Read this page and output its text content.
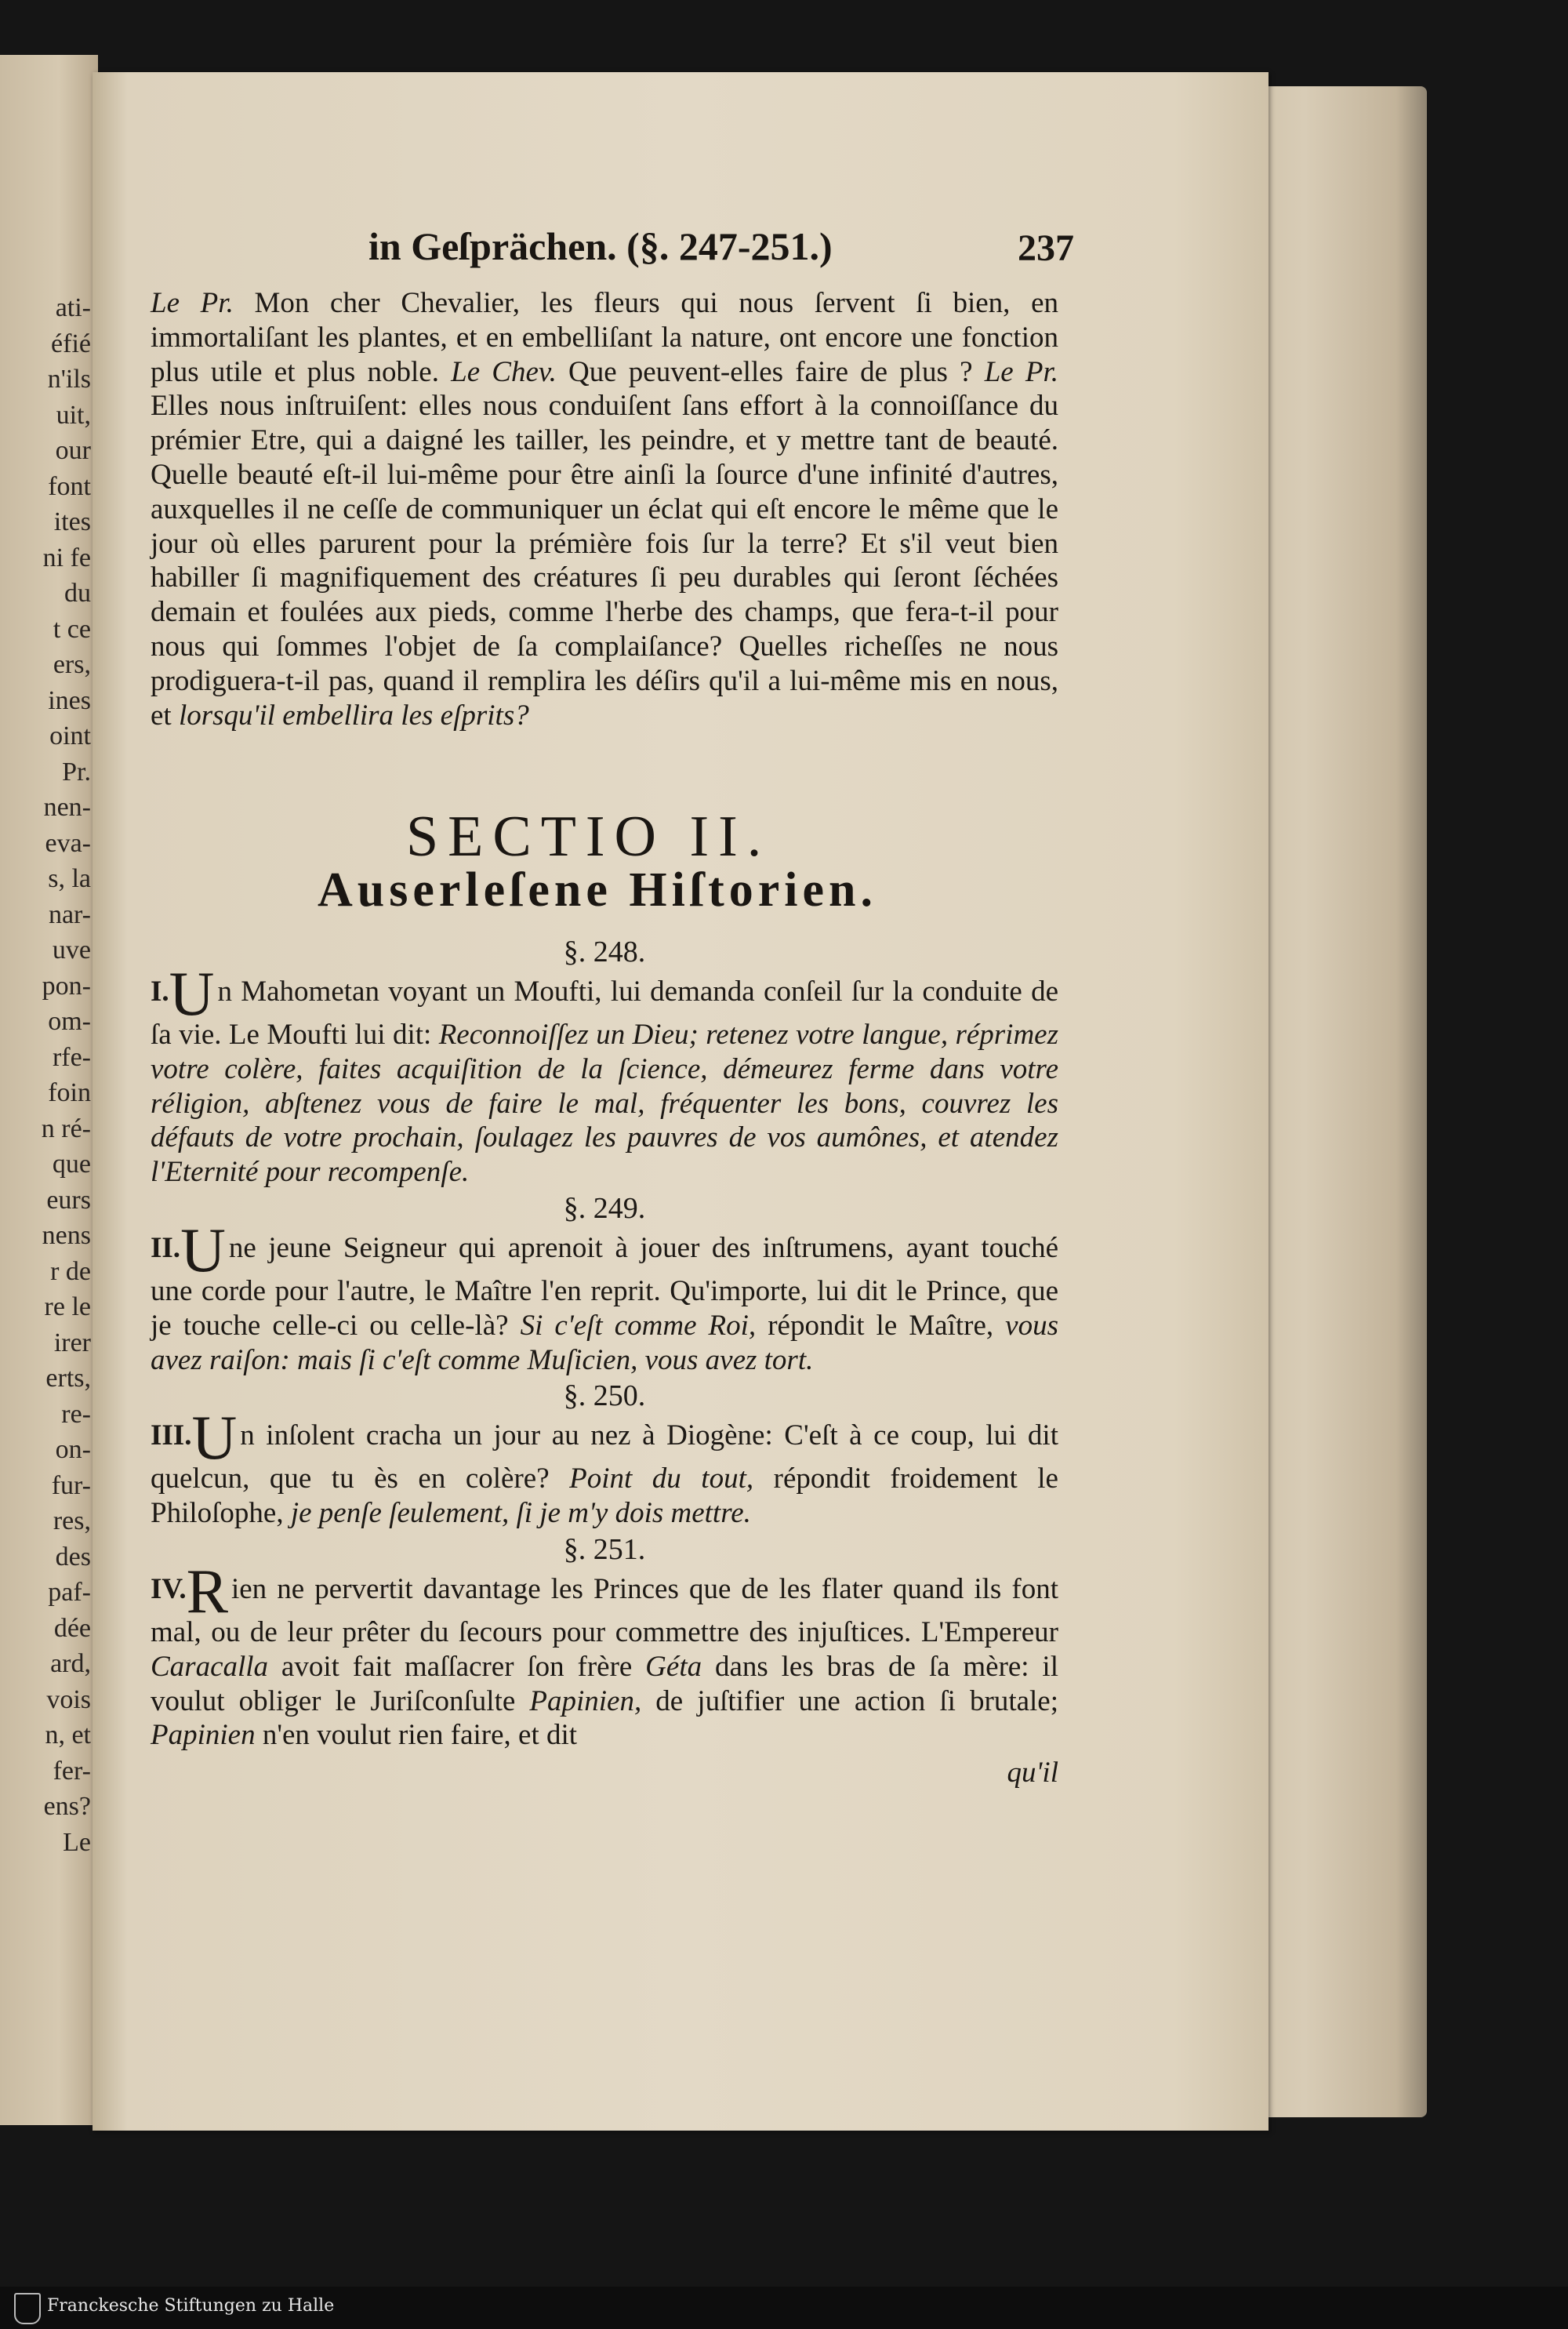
ati-
éfié
n'ils
uit,
our
font
ites
ni fe
du
t ce
ers,
ines
oint
Pr.
nen-
eva-
s, la
nar-
uve
pon-
om-
rfe-
foin
n ré-
que
eurs
nens
r de
re le
irer
erts,
re-
on-
fur-
res,
des
paf-
dée
ard,
vois
n, et
fer-
ens?
Le
in Geſprächen. (§. 247-251.)	237

Le Pr. Mon cher Chevalier, les fleurs qui nous ſervent ſi bien, en immortaliſant les plantes, et en embelliſant la nature, ont encore une fonction plus utile et plus noble. Le Chev. Que peuvent-elles faire de plus ? Le Pr. Elles nous inſtruiſent: elles nous conduiſent ſans effort à la connoiſſance du prémier Etre, qui a daigné les tailler, les peindre, et y mettre tant de beauté. Quelle beauté eſt-il lui-même pour être ainſi la ſource d'une infinité d'autres, auxquelles il ne ceſſe de communiquer un éclat qui eſt encore le même que le jour où elles parurent pour la prémière fois ſur la terre? Et s'il veut bien habiller ſi magnifiquement des créatures ſi peu durables qui ſeront ſéchées demain et foulées aux pieds, comme l'herbe des champs, que fera-t-il pour nous qui ſommes l'objet de ſa complaiſance? Quelles richeſſes ne nous prodiguera-t-il pas, quand il remplira les déſirs qu'il a lui-même mis en nous, et lorsqu'il embellira les eſprits?

SECTIO II.
Auserleſene Hiſtorien.

§. 248.

I.U n Mahometan voyant un Moufti, lui demanda conſeil ſur la conduite de ſa vie. Le Moufti lui dit: Reconnoiſſez un Dieu; retenez votre langue, réprimez votre colère, faites acquiſition de la ſcience, démeurez ferme dans votre réligion, abſtenez vous de faire le mal, fréquenter les bons, couvrez les défauts de votre prochain, ſoulagez les pauvres de vos aumônes, et atendez l'Eternité pour recompenſe.

§. 249.

II.U ne jeune Seigneur qui aprenoit à jouer des inſtrumens, ayant touché une corde pour l'autre, le Maître l'en reprit. Qu'importe, lui dit le Prince, que je touche celle-ci ou celle-là? Si c'eſt comme Roi, répondit le Maître, vous avez raiſon: mais ſi c'eſt comme Muſicien, vous avez tort.

§. 250.

III.U n inſolent cracha un jour au nez à Diogène: C'eſt à ce coup, lui dit quelcun, que tu ès en colère? Point du tout, répondit froidement le Philoſophe, je penſe ſeulement, ſi je m'y dois mettre.

§. 251.

IV.R ien ne pervertit davantage les Princes que de les flater quand ils font mal, ou de leur prêter du ſecours pour commettre des injuſtices. L'Empereur Caracalla avoit fait maſſacrer ſon frère Géta dans les bras de ſa mère: il voulut obliger le Juriſconſulte Papinien, de juſtifier une action ſi brutale; Papinien n'en voulut rien faire, et dit

qu'il

Franckesche Stiftungen zu Halle
